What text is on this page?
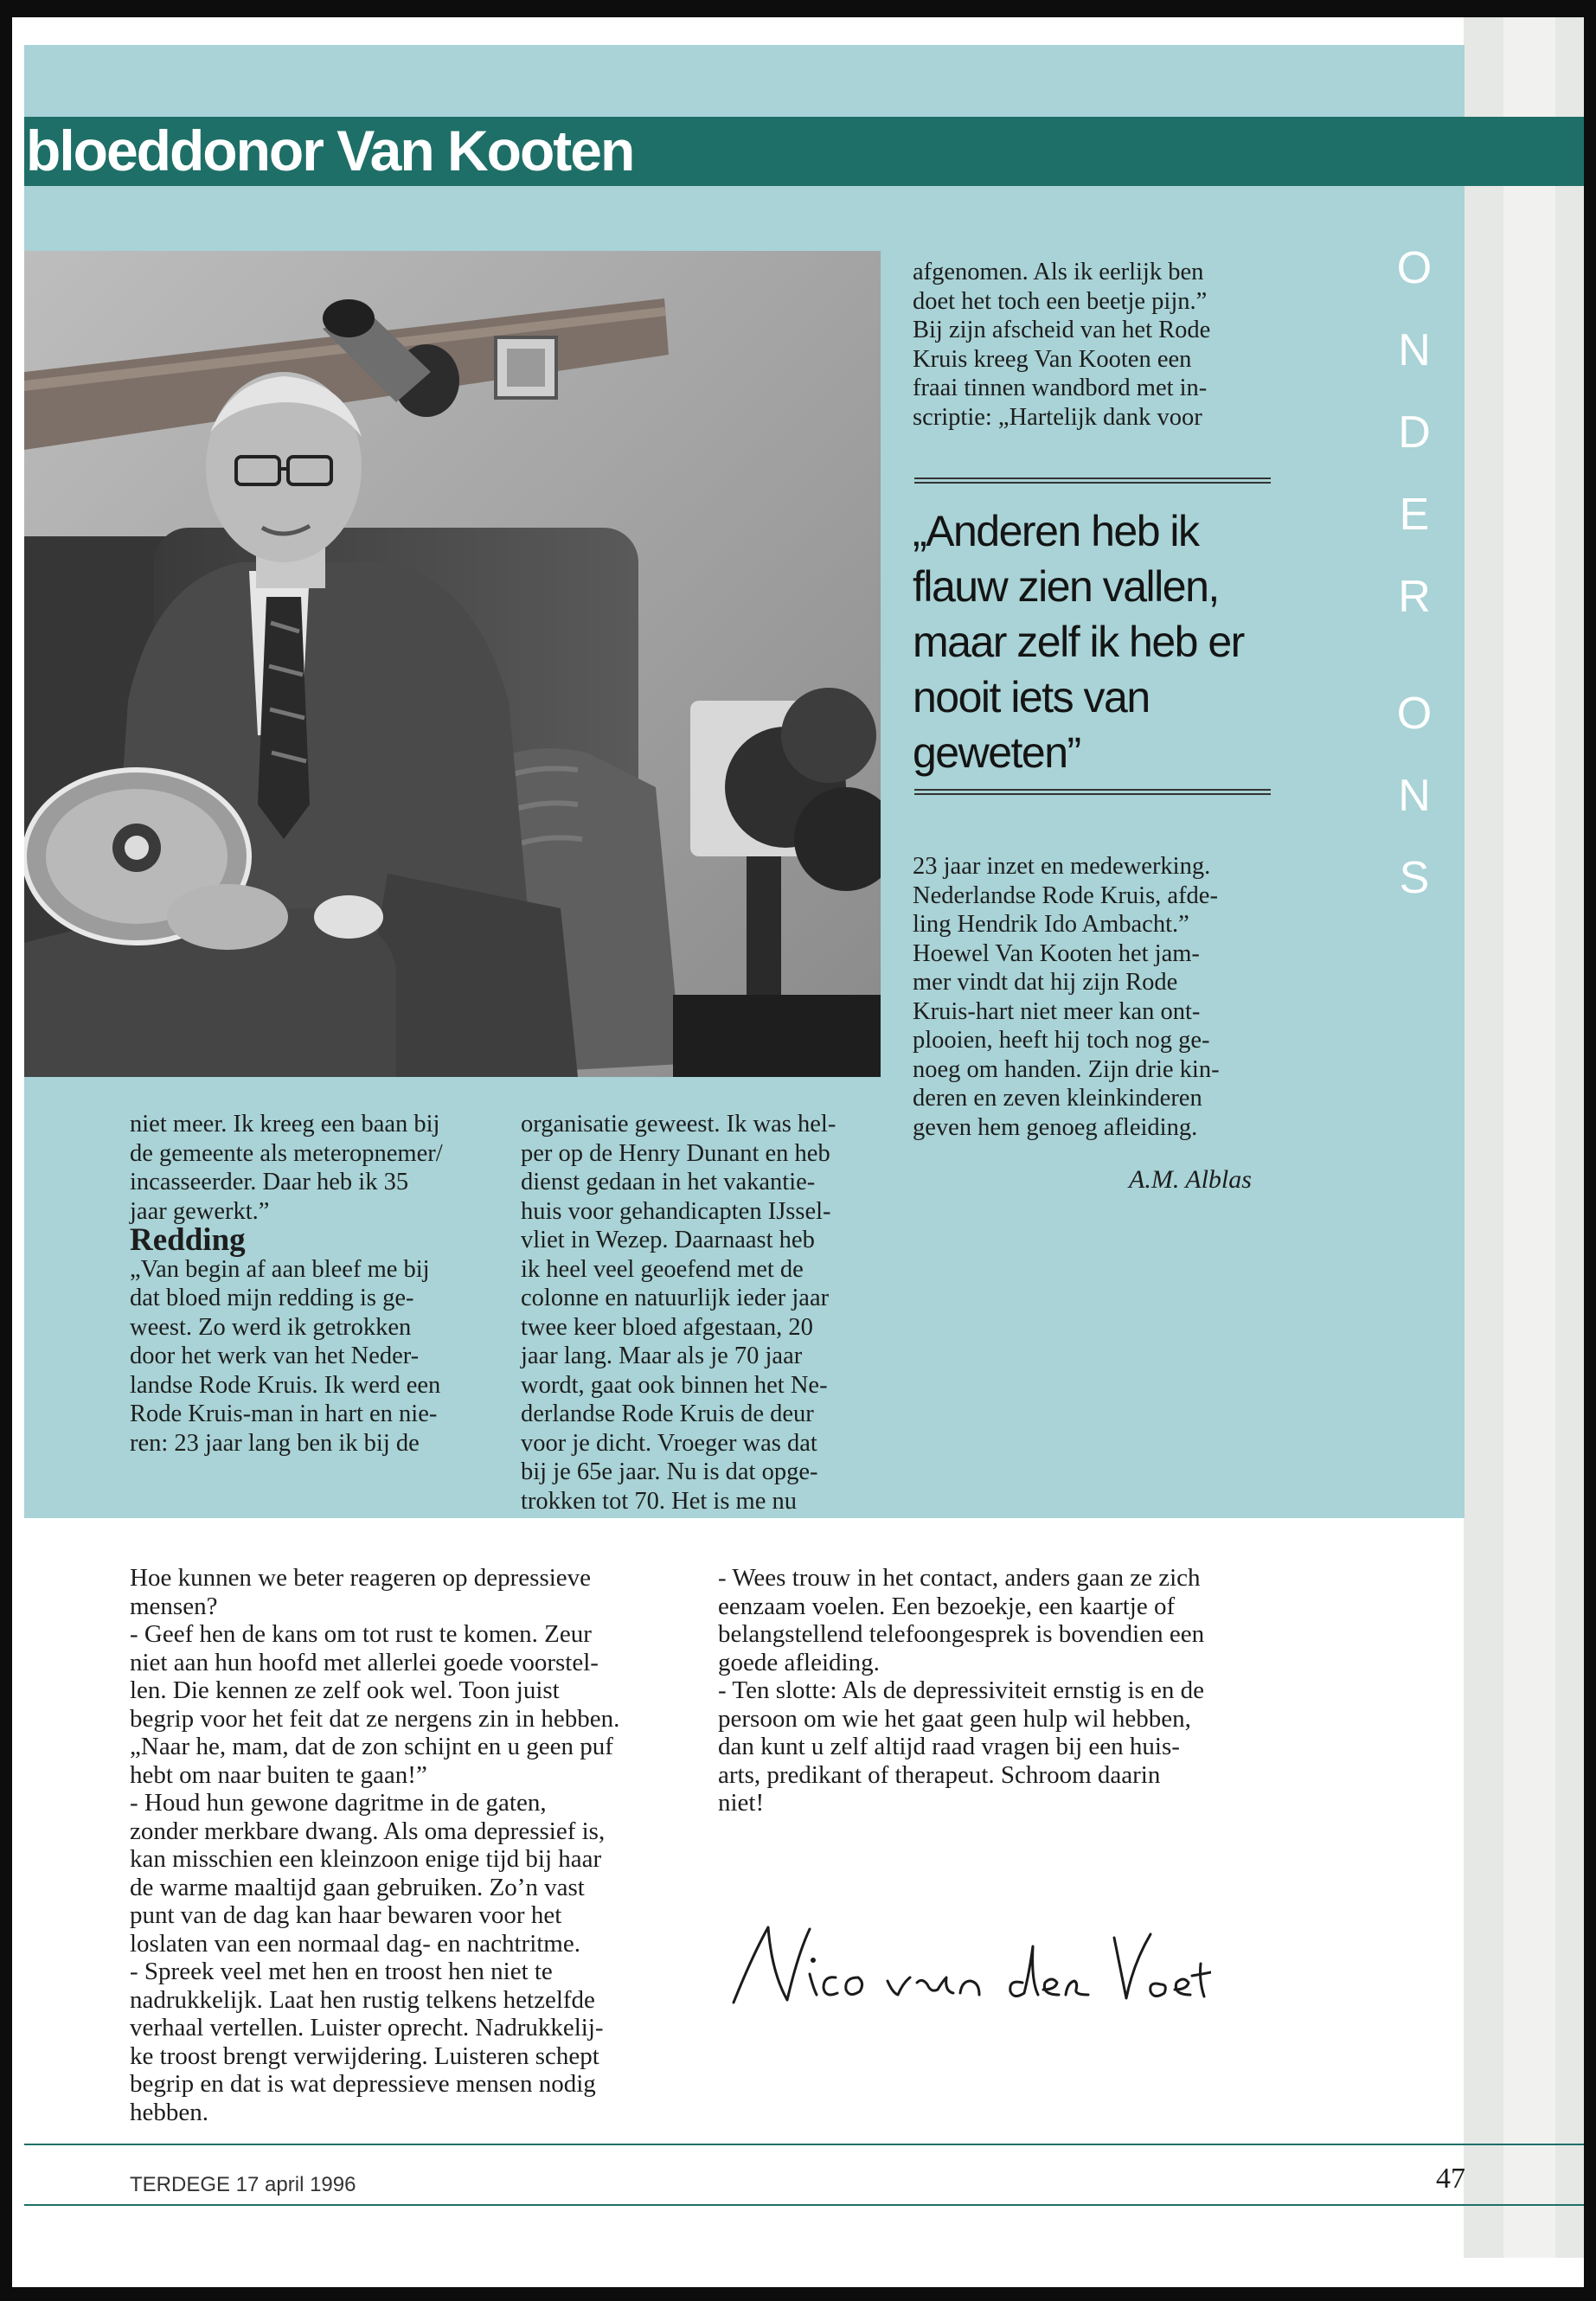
bloeddonor Van Kooten

niet meer. Ik kreeg een baan bij

de gemeente als meteropnemer/

incasseerder. Daar heb ik 35

jaar gewerkt.”

Redding

„Van begin af aan bleef me bij

dat bloed mijn redding is ge-

weest. Zo werd ik getrokken

door het werk van het Neder-

landse Rode Kruis. Ik werd een

Rode Kruis-man in hart en nie-

ren: 23 jaar lang ben ik bij de

organisatie geweest. Ik was hel-

per op de Henry Dunant en heb

dienst gedaan in het vakantie-

huis voor gehandicapten IJssel-

vliet in Wezep. Daarnaast heb

ik heel veel geoefend met de

colonne en natuurlijk ieder jaar

twee keer bloed afgestaan, 20

jaar lang. Maar als je 70 jaar

wordt, gaat ook binnen het Ne-

derlandse Rode Kruis de deur

voor je dicht. Vroeger was dat

bij je 65e jaar. Nu is dat opge-

trokken tot 70. Het is me nu

afgenomen. Als ik eerlijk ben

doet het toch een beetje pijn.”

Bij zijn afscheid van het Rode

Kruis kreeg Van Kooten een

fraai tinnen wandbord met in-

scriptie: „Hartelijk dank voor

„Anderen heb ik flauw zien vallen, maar zelf ik heb er nooit iets van geweten”

23 jaar inzet en medewerking.

Nederlandse Rode Kruis, afde-

ling Hendrik Ido Ambacht.”

Hoewel Van Kooten het jam-

mer vindt dat hij zijn Rode

Kruis-hart niet meer kan ont-

plooien, heeft hij toch nog ge-

noeg om handen. Zijn drie kin-

deren en zeven kleinkinderen

geven hem genoeg afleiding.

A.M. Alblas
O
N
D
E
R
O
N
S

Hoe kunnen we beter reageren op depressieve

mensen?

- Geef hen de kans om tot rust te komen. Zeur

niet aan hun hoofd met allerlei goede voorstel-

len. Die kennen ze zelf ook wel. Toon juist

begrip voor het feit dat ze nergens zin in hebben.

„Naar he, mam, dat de zon schijnt en u geen puf

hebt om naar buiten te gaan!”

- Houd hun gewone dagritme in de gaten,

zonder merkbare dwang. Als oma depressief is,

kan misschien een kleinzoon enige tijd bij haar

de warme maaltijd gaan gebruiken. Zo’n vast

punt van de dag kan haar bewaren voor het

loslaten van een normaal dag- en nachtritme.

- Spreek veel met hen en troost hen niet te

nadrukkelijk. Laat hen rustig telkens hetzelfde

verhaal vertellen. Luister oprecht. Nadrukkelij-

ke troost brengt verwijdering. Luisteren schept

begrip en dat is wat depressieve mensen nodig

hebben.

- Wees trouw in het contact, anders gaan ze zich

eenzaam voelen. Een bezoekje, een kaartje of

belangstellend telefoongesprek is bovendien een

goede afleiding.

- Ten slotte: Als de depressiviteit ernstig is en de

persoon om wie het gaat geen hulp wil hebben,

dan kunt u zelf altijd raad vragen bij een huis-

arts, predikant of therapeut. Schroom daarin

niet!

TERDEGE 17 april 1996	47
